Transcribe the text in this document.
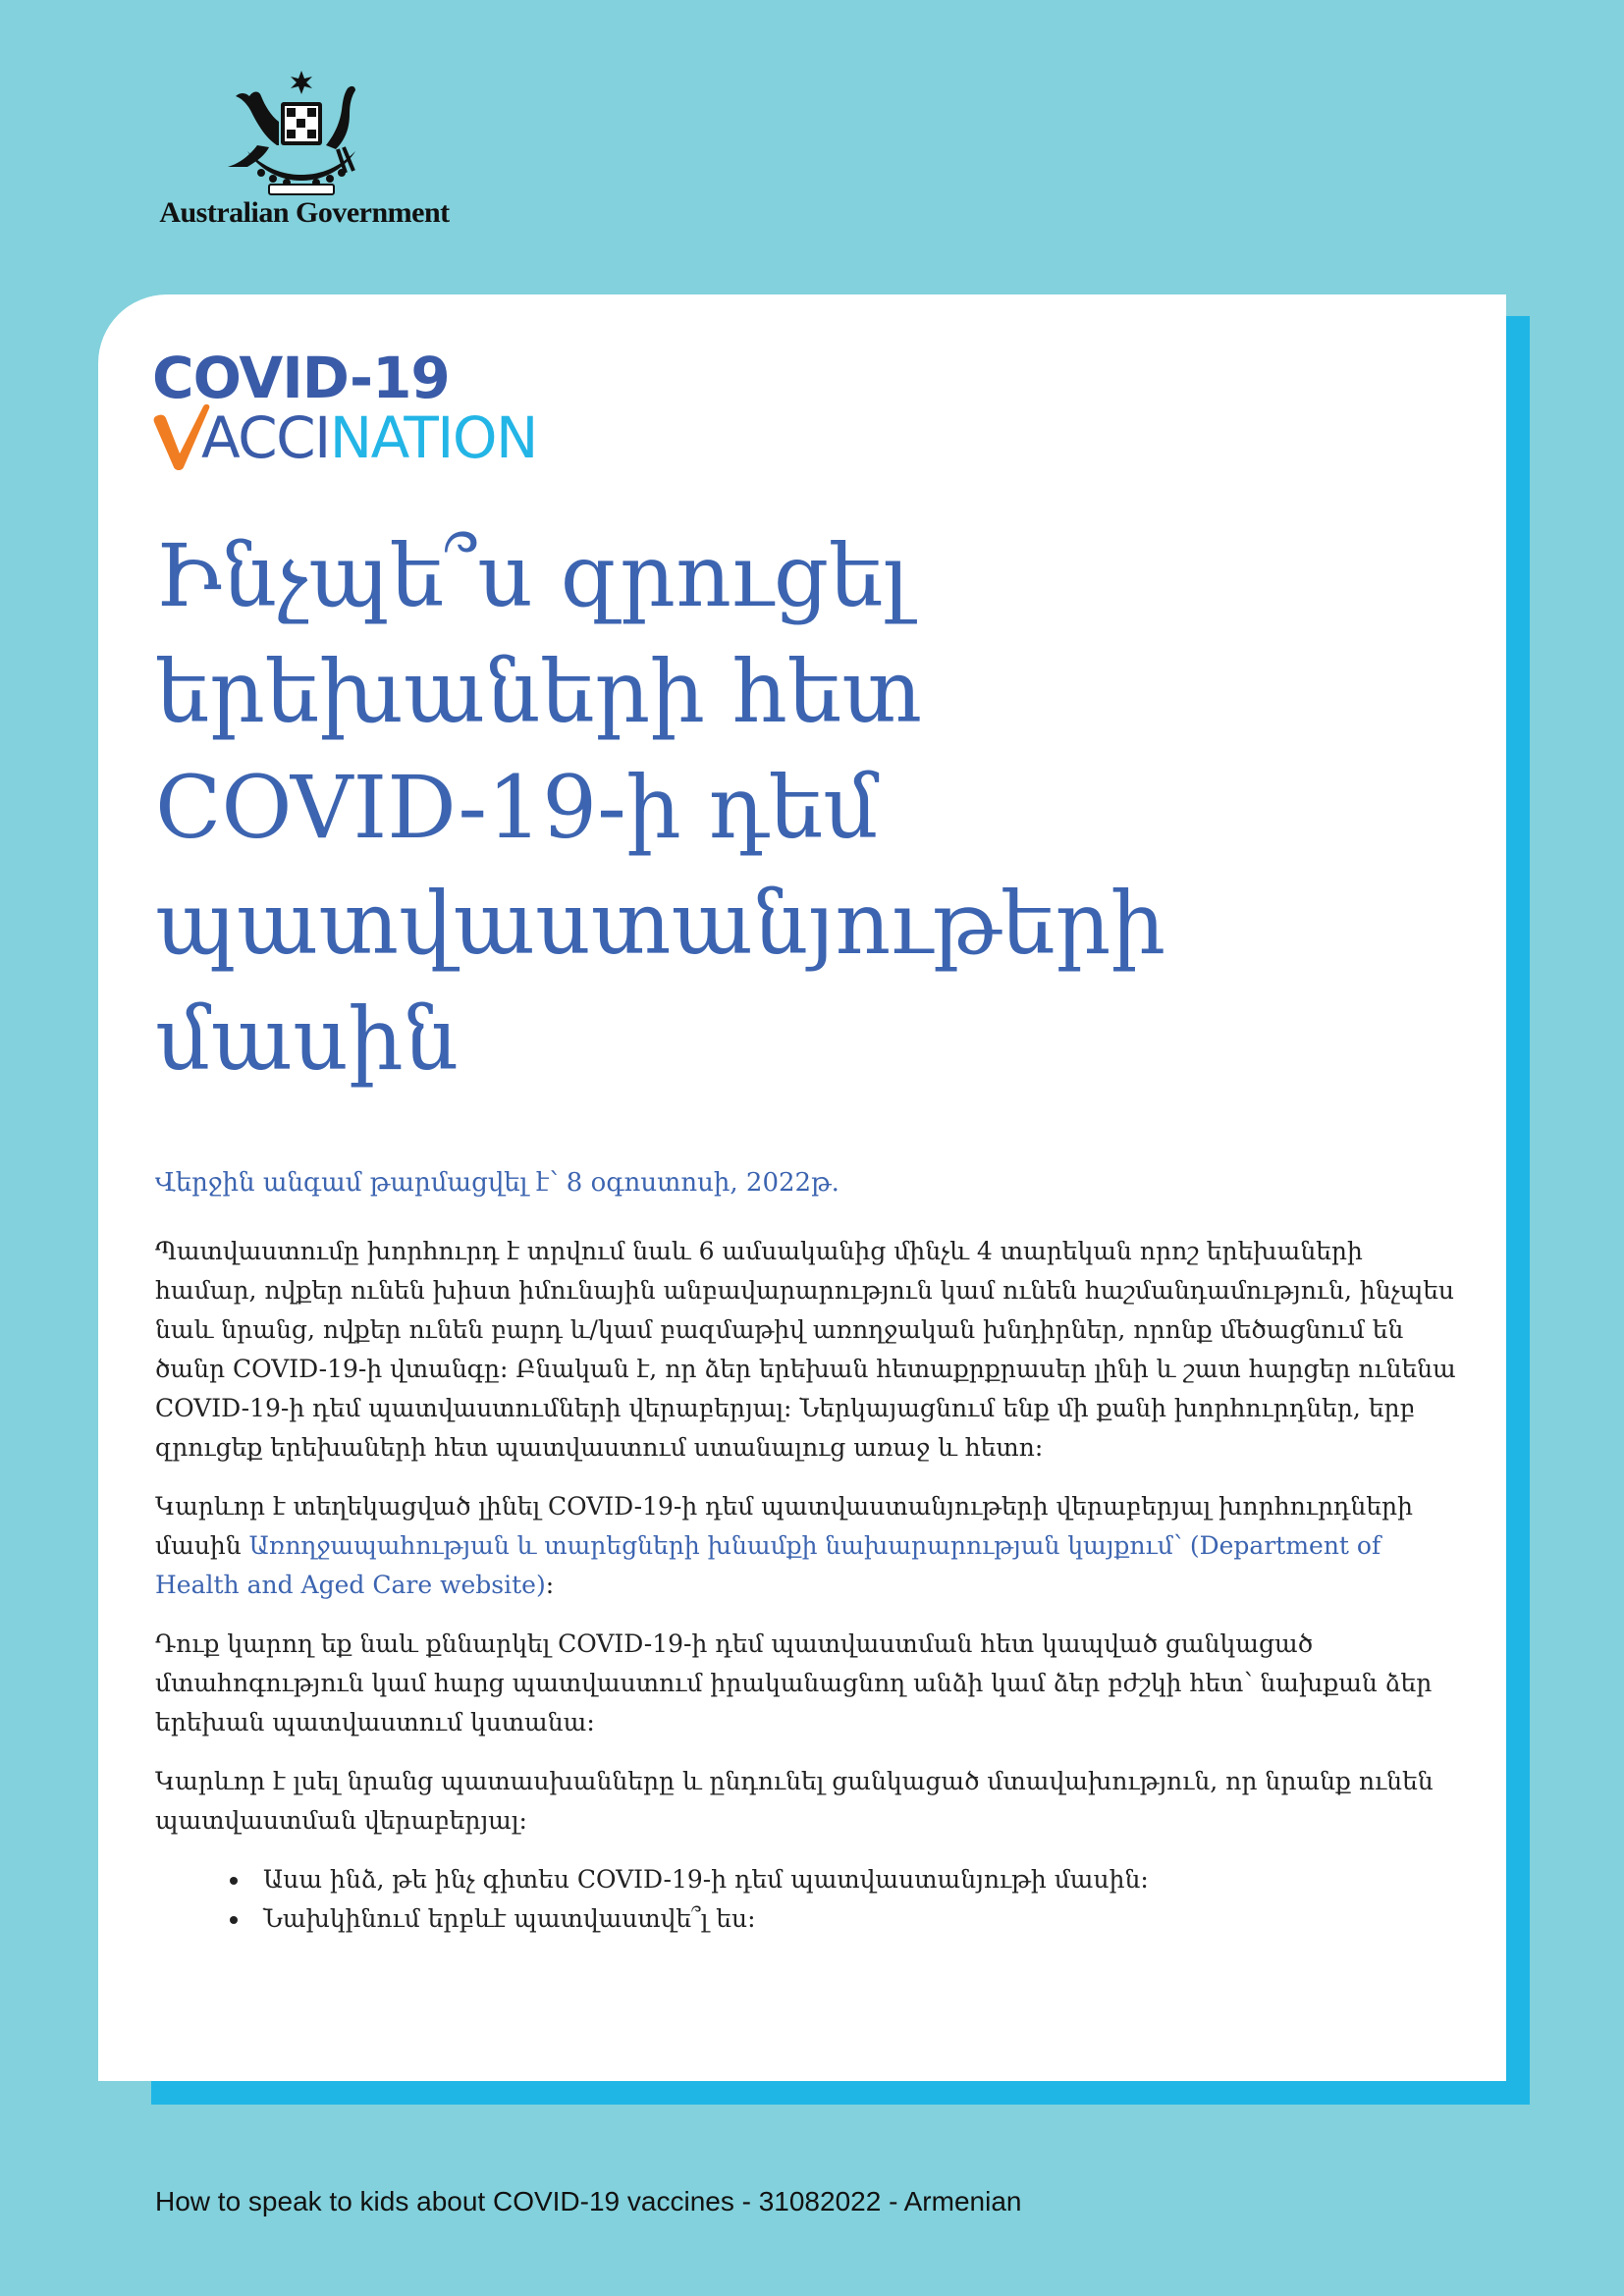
Australian Government
COVID-19
ACCINATION
Ինչպե՞ս զրուցել
երեխաների հետ
COVID-19-ի դեմ
պատվաստանյութերի
մասին

Վերջին անգամ թարմացվել է՝ 8 օգոստոսի, 2022թ.

Պատվաստումը խորհուրդ է տրվում նաև 6 ամսականից մինչև 4 տարեկան որոշ երեխաների համար, ովքեր ունեն խիստ իմունային անբավարարություն կամ ունեն հաշմանդամություն, ինչպես նաև նրանց, ովքեր ունեն բարդ և/կամ բազմաթիվ առողջական խնդիրներ, որոնք մեծացնում են ծանր COVID-19-ի վտանգը: Բնական է, որ ձեր երեխան հետաքրքրասեր լինի և շատ հարցեր ունենա COVID-19-ի դեմ պատվաստումների վերաբերյալ: Ներկայացնում ենք մի քանի խորհուրդներ, երբ զրուցեք երեխաների հետ պատվաստում ստանալուց առաջ և հետո:

Կարևոր է տեղեկացված լինել COVID-19-ի դեմ պատվաստանյութերի վերաբերյալ խորհուրդների մասին Առողջապահության և տարեցների խնամքի նախարարության կայքում՝ (Department of Health and Aged Care website):

Դուք կարող եք նաև քննարկել COVID-19-ի դեմ պատվաստման հետ կապված ցանկացած մտահոգություն կամ հարց պատվաստում իրականացնող անձի կամ ձեր բժշկի հետ՝ նախքան ձեր երեխան պատվաստում կստանա:

Կարևոր է լսել նրանց պատասխանները և ընդունել ցանկացած մտավախություն, որ նրանք ունեն պատվաստման վերաբերյալ:

• Ասա ինձ, թե ինչ գիտես COVID-19-ի դեմ պատվաստանյութի մասին:
• Նախկինում երբևէ պատվաստվե՞լ ես:
How to speak to kids about COVID-19 vaccines - 31082022 - Armenian
